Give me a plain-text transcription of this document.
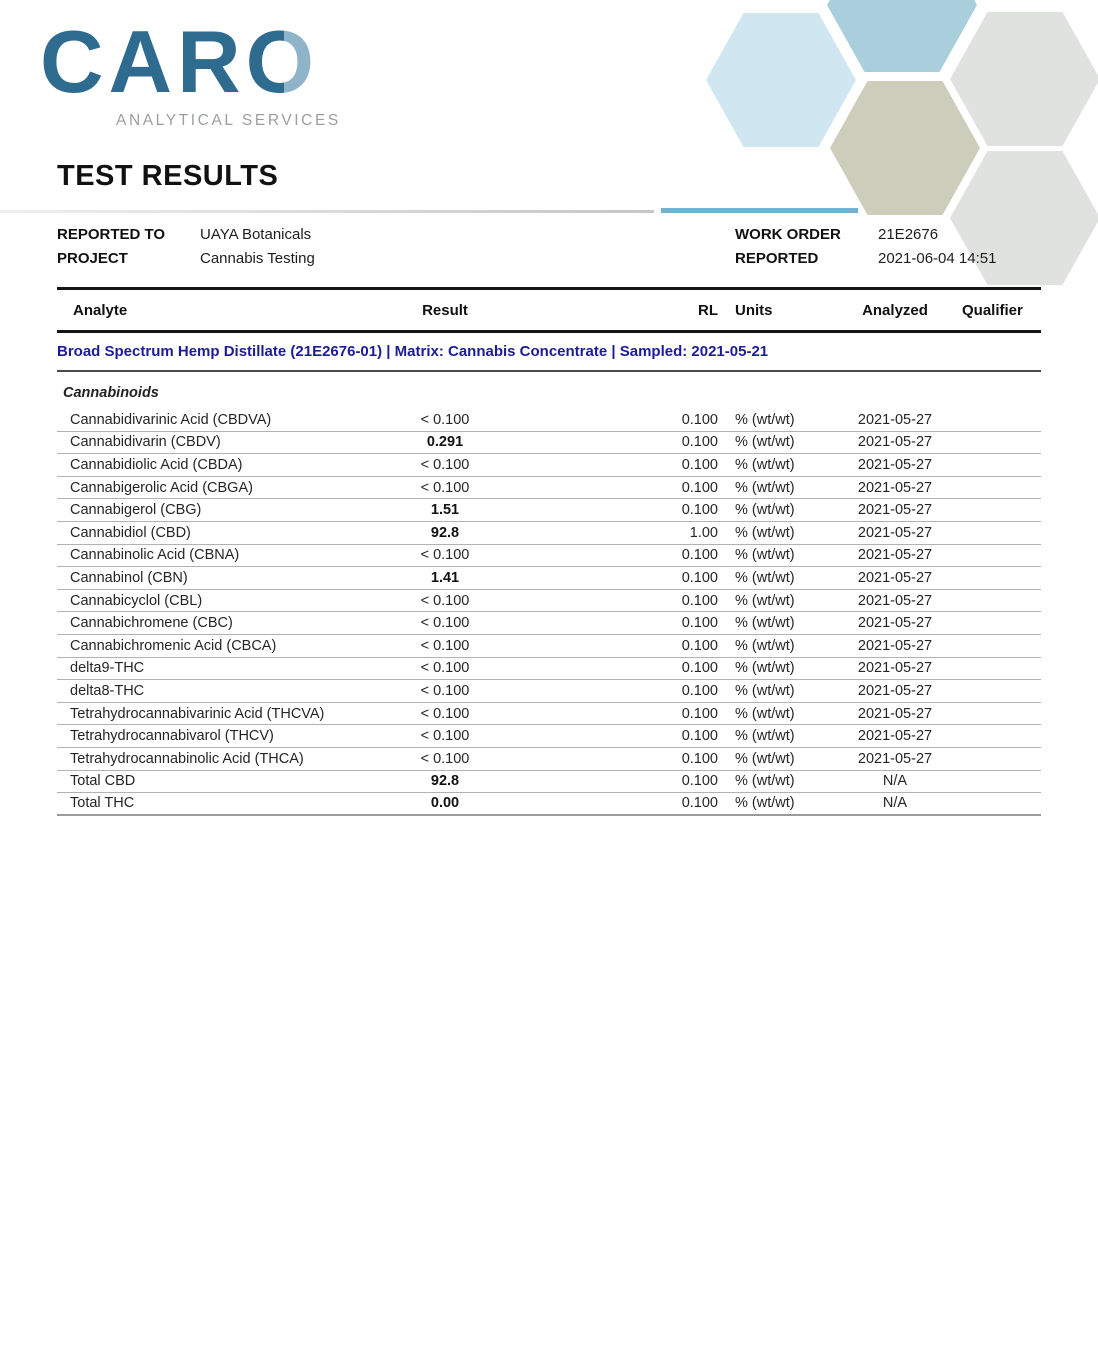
CARO
ANALYTICAL SERVICES
TEST RESULTS
REPORTED TO	UAYA Botanicals
PROJECT	Cannabis Testing
WORK ORDER	21E2676
REPORTED	2021-06-04 14:51
Analyte	Result	RL	Units	Analyzed	Qualifier
Broad Spectrum Hemp Distillate (21E2676-01) | Matrix: Cannabis Concentrate | Sampled: 2021-05-21
Cannabinoids
Cannabidivarinic Acid (CBDVA)	< 0.100	0.100	% (wt/wt)	2021-05-27
Cannabidivarin (CBDV)	0.291	0.100	% (wt/wt)	2021-05-27
Cannabidiolic Acid (CBDA)	< 0.100	0.100	% (wt/wt)	2021-05-27
Cannabigerolic Acid (CBGA)	< 0.100	0.100	% (wt/wt)	2021-05-27
Cannabigerol (CBG)	1.51	0.100	% (wt/wt)	2021-05-27
Cannabidiol (CBD)	92.8	1.00	% (wt/wt)	2021-05-27
Cannabinolic Acid (CBNA)	< 0.100	0.100	% (wt/wt)	2021-05-27
Cannabinol (CBN)	1.41	0.100	% (wt/wt)	2021-05-27
Cannabicyclol (CBL)	< 0.100	0.100	% (wt/wt)	2021-05-27
Cannabichromene (CBC)	< 0.100	0.100	% (wt/wt)	2021-05-27
Cannabichromenic Acid (CBCA)	< 0.100	0.100	% (wt/wt)	2021-05-27
delta9-THC	< 0.100	0.100	% (wt/wt)	2021-05-27
delta8-THC	< 0.100	0.100	% (wt/wt)	2021-05-27
Tetrahydrocannabivarinic Acid (THCVA)	< 0.100	0.100	% (wt/wt)	2021-05-27
Tetrahydrocannabivarol (THCV)	< 0.100	0.100	% (wt/wt)	2021-05-27
Tetrahydrocannabinolic Acid (THCA)	< 0.100	0.100	% (wt/wt)	2021-05-27
Total CBD	92.8	0.100	% (wt/wt)	N/A
Total THC	0.00	0.100	% (wt/wt)	N/A
